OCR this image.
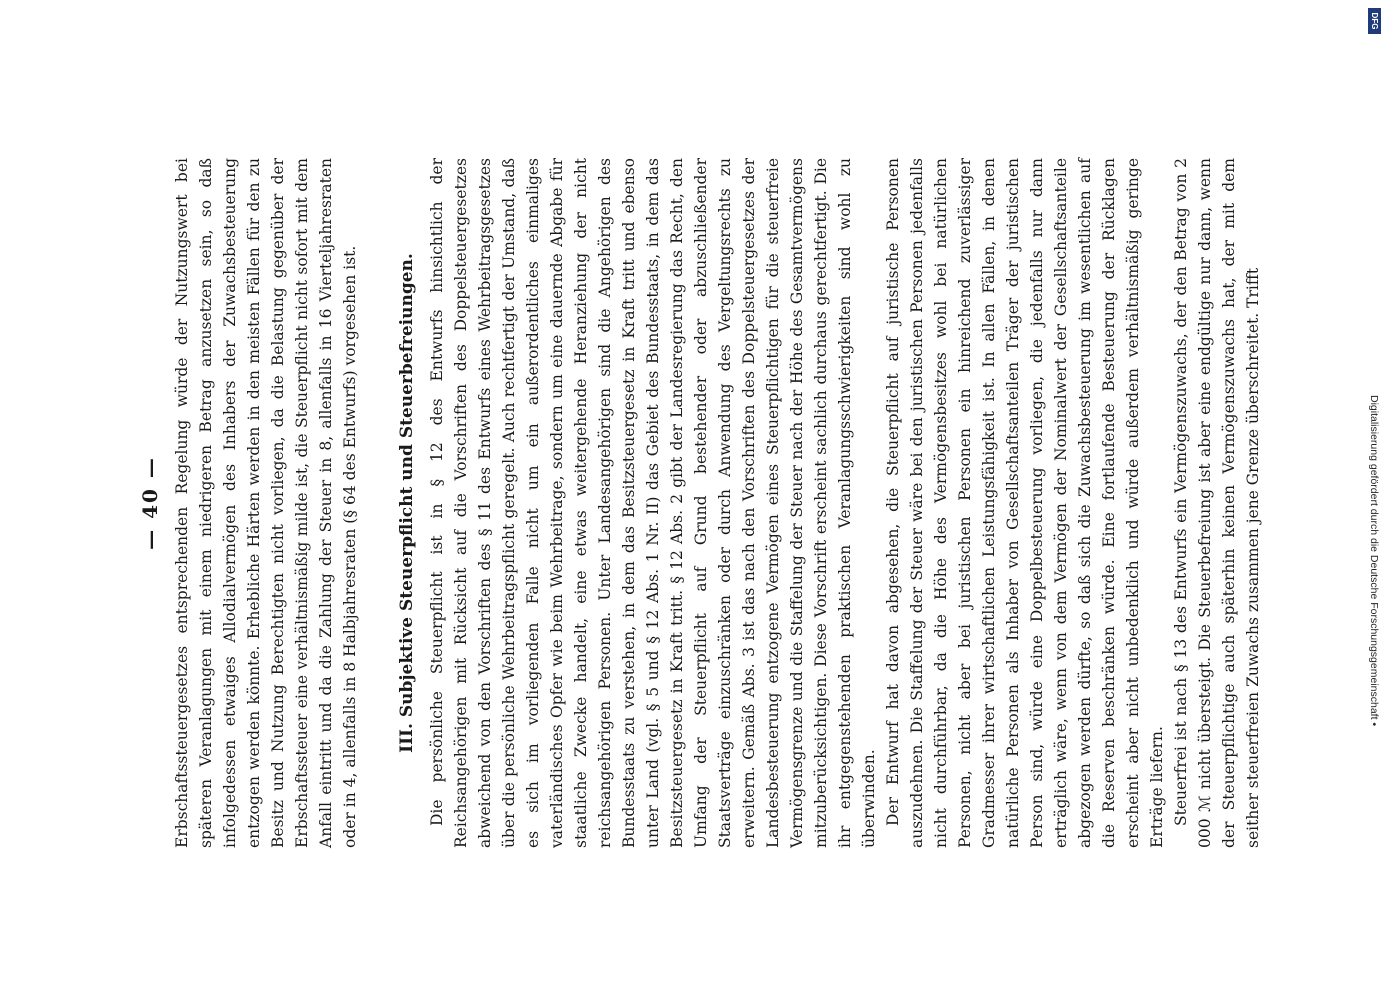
— 40 — Erbschaftssteuergesetzes entsprechenden Regelung würde der Nutzungswert bei späteren Veranlagungen mit einem niedrigeren Betrag anzusetzen sein, so daß infolgedessen etwaiges Allodialvermögen des Inhabers der Zuwachsbesteuerung entzogen werden könnte. Erhebliche Härten werden in den meisten Fällen für den zu Besitz und Nutzung Berechtigten nicht vorliegen, da die Belastung gegenüber der Erbschaftssteuer eine verhältnismäßig milde ist, die Steuerpflicht nicht sofort mit dem Anfall eintritt und da die Zahlung der Steuer in 8, allenfalls in 16 Vierteljahresraten oder in 4, allenfalls in 8 Halbjahresraten (§ 64 des Entwurfs) vorgesehen ist. III. Subjektive Steuerpflicht und Steuerbefreiungen. Die persönliche Steuerpflicht ist in § 12 des Entwurfs hinsichtlich der Reichsangehörigen mit Rücksicht auf die Vorschriften des Doppelsteuergesetzes abweichend von den Vorschriften des § 11 des Entwurfs eines Wehrbeitragsgesetzes über die persönliche Wehrbeitragspflicht geregelt. Auch rechtfertigt der Umstand, daß es sich im vorliegenden Falle nicht um ein außerordentliches einmaliges vaterländisches Opfer wie beim Wehrbeitrage, sondern um eine dauernde Abgabe für staatliche Zwecke handelt, eine etwas weitergehende Heranziehung der nicht reichsangehörigen Personen. Unter Landesangehörigen sind die Angehörigen des Bundesstaats zu verstehen, in dem das Besitzsteuergesetz in Kraft tritt und ebenso unter Land (vgl. § 5 und § 12 Abs. 1 Nr. II) das Gebiet des Bundesstaats, in dem das Besitzsteuergesetz in Kraft tritt. § 12 Abs. 2 gibt der Landesregierung das Recht, den Umfang der Steuerpflicht auf Grund bestehender oder abzuschließender Staatsverträge einzuschränken oder durch Anwendung des Vergeltungsrechts zu erweitern. Gemäß Abs. 3 ist das nach den Vorschriften des Doppelsteuergesetzes der Landesbesteuerung entzogene Vermögen eines Steuerpflichtigen für die steuerfreie Vermögensgrenze und die Staffelung der Steuer nach der Höhe des Gesamtvermögens mitzuberücksichtigen. Diese Vorschrift erscheint sachlich durchaus gerechtfertigt. Die ihr entgegenstehenden praktischen Veranlagungsschwierigkeiten sind wohl zu überwinden. Der Entwurf hat davon abgesehen, die Steuerpflicht auf juristische Personen auszudehnen. Die Staffelung der Steuer wäre bei den juristischen Personen jedenfalls nicht durchführbar, da die Höhe des Vermögensbesitzes wohl bei natürlichen Personen, nicht aber bei juristischen Personen ein hinreichend zuverlässiger Gradmesser ihrer wirtschaftlichen Leistungsfähigkeit ist. In allen Fällen, in denen natürliche Personen als Inhaber von Gesellschaftsanteilen Träger der juristischen Person sind, würde eine Doppelbesteuerung vorliegen, die jedenfalls nur dann erträglich wäre, wenn von dem Vermögen der Nominalwert der Gesellschaftsanteile abgezogen werden dürfte, so daß sich die Zuwachsbesteuerung im wesentlichen auf die Reserven beschränken würde. Eine fortlaufende Besteuerung der Rücklagen erscheint aber nicht unbedenklich und würde außerdem verhältnismäßig geringe Erträge liefern. Steuerfrei ist nach § 13 des Entwurfs ein Vermögenszuwachs, der den Betrag von 2 000 ℳ nicht übersteigt. Die Steuerbefreiung ist aber eine endgültige nur dann, wenn der Steuerpflichtige auch späterhin keinen Vermögenszuwachs hat, der mit dem seither steuerfreien Zuwachs zusammen jene Grenze überschreitet. Trifft

DFG
Digitalisierung gefördert durch die Deutsche Forschungsgemeinschaft •
